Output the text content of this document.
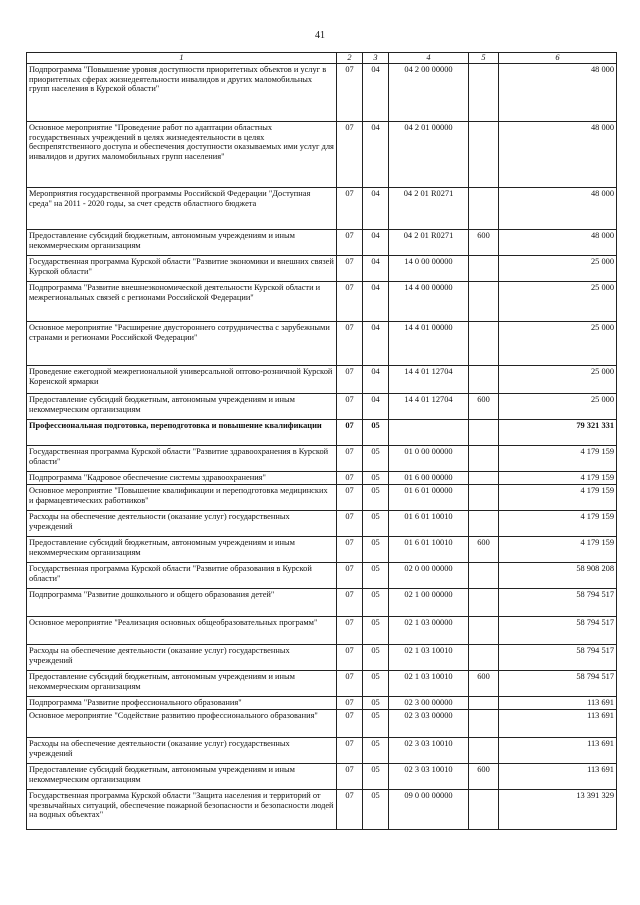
41
1	2	3	4	5	6
Подпрограмма "Повышение уровня доступности приоритетных объектов и услуг в приоритетных сферах жизнедеятельности инвалидов и других маломобильных групп населения в Курской области"	07	04	04 2 00 00000		48 000
Основное мероприятие "Проведение работ по адаптации областных государственных учреждений в целях жизнедеятельности в целях беспрепятственного доступа и обеспечения доступности оказываемых ими услуг для инвалидов и других маломобильных групп населения"	07	04	04 2 01 00000		48 000
Мероприятия государственной программы Российской Федерации "Доступная среда" на 2011 - 2020 годы, за счет средств областного бюджета	07	04	04 2 01 R0271		48 000
Предоставление субсидий бюджетным, автономным учреждениям и иным некоммерческим организациям	07	04	04 2 01 R0271	600	48 000
Государственная программа Курской области "Развитие экономики и внешних связей Курской области"	07	04	14 0 00 00000		25 000
Подпрограмма "Развитие внешнеэкономической деятельности Курской области и межрегиональных связей с регионами Российской Федерации"	07	04	14 4 00 00000		25 000
Основное мероприятие "Расширение двустороннего сотрудничества с зарубежными странами и регионами Российской Федерации"	07	04	14 4 01 00000		25 000
Проведение ежегодной межрегиональной универсальной оптово-розничной Курской Коренской ярмарки	07	04	14 4 01 12704		25 000
Предоставление субсидий бюджетным, автономным учреждениям и иным некоммерческим организациям	07	04	14 4 01 12704	600	25 000
Профессиональная подготовка, переподготовка и повышение квалификации	07	05			79 321 331
Государственная программа Курской области "Развитие здравоохранения в Курской области"	07	05	01 0 00 00000		4 179 159
Подпрограмма "Кадровое обеспечение системы здравоохранения"	07	05	01 6 00 00000		4 179 159
Основное мероприятие "Повышение квалификации и переподготовка медицинских и фармацевтических работников"	07	05	01 6 01 00000		4 179 159
Расходы на обеспечение деятельности (оказание услуг) государственных учреждений	07	05	01 6 01 10010		4 179 159
Предоставление субсидий бюджетным, автономным учреждениям и иным некоммерческим организациям	07	05	01 6 01 10010	600	4 179 159
Государственная программа Курской области "Развитие образования в Курской области"	07	05	02 0 00 00000		58 908 208
Подпрограмма "Развитие дошкольного и общего образования детей"	07	05	02 1 00 00000		58 794 517
Основное мероприятие "Реализация основных общеобразовательных программ"	07	05	02 1 03 00000		58 794 517
Расходы на обеспечение деятельности (оказание услуг) государственных учреждений	07	05	02 1 03 10010		58 794 517
Предоставление субсидий бюджетным, автономным учреждениям и иным некоммерческим организациям	07	05	02 1 03 10010	600	58 794 517
Подпрограмма "Развитие профессионального образования"	07	05	02 3 00 00000		113 691
Основное мероприятие "Содействие развитию профессионального образования"	07	05	02 3 03 00000		113 691
Расходы на обеспечение деятельности (оказание услуг) государственных учреждений	07	05	02 3 03 10010		113 691
Предоставление субсидий бюджетным, автономным учреждениям и иным некоммерческим организациям	07	05	02 3 03 10010	600	113 691
Государственная программа Курской области "Защита населения и территорий от чрезвычайных ситуаций, обеспечение пожарной безопасности и безопасности людей на водных объектах"	07	05	09 0 00 00000		13 391 329
